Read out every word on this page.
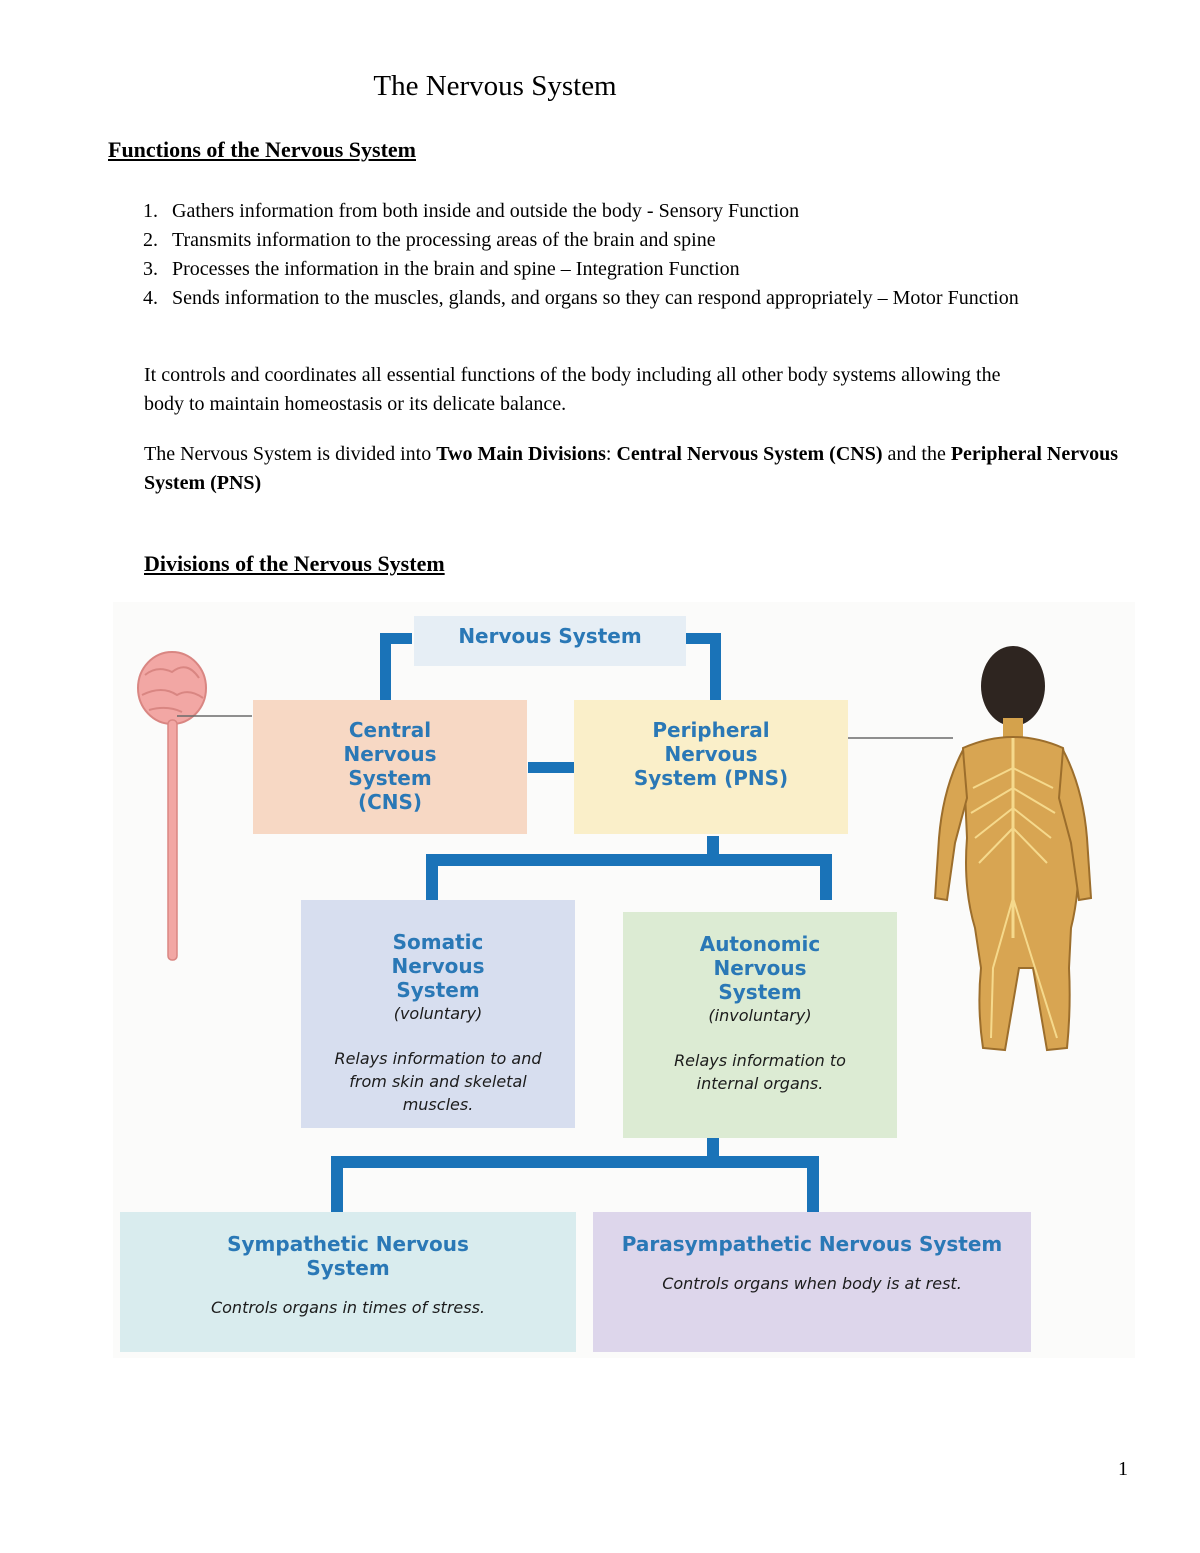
The Nervous System
Functions of the Nervous System
1. Gathers information from both inside and outside the body - Sensory Function
2. Transmits information to the processing areas of the brain and spine
3. Processes the information in the brain and spine – Integration Function
4. Sends information to the muscles, glands, and organs so they can respond appropriately – Motor Function
It controls and coordinates all essential functions of the body including all other body systems allowing the body to maintain homeostasis or its delicate balance.
The Nervous System is divided into Two Main Divisions: Central Nervous System (CNS) and the Peripheral Nervous System (PNS)
Divisions of the Nervous System
Nervous System
Central Nervous System (CNS)
Peripheral Nervous System (PNS)
Somatic Nervous System
(voluntary)
Relays information to and from skin and skeletal muscles.
Autonomic Nervous System
(involuntary)
Relays information to internal organs.
Sympathetic Nervous System
Controls organs in times of stress.
Parasympathetic Nervous System
Controls organs when body is at rest.
1
